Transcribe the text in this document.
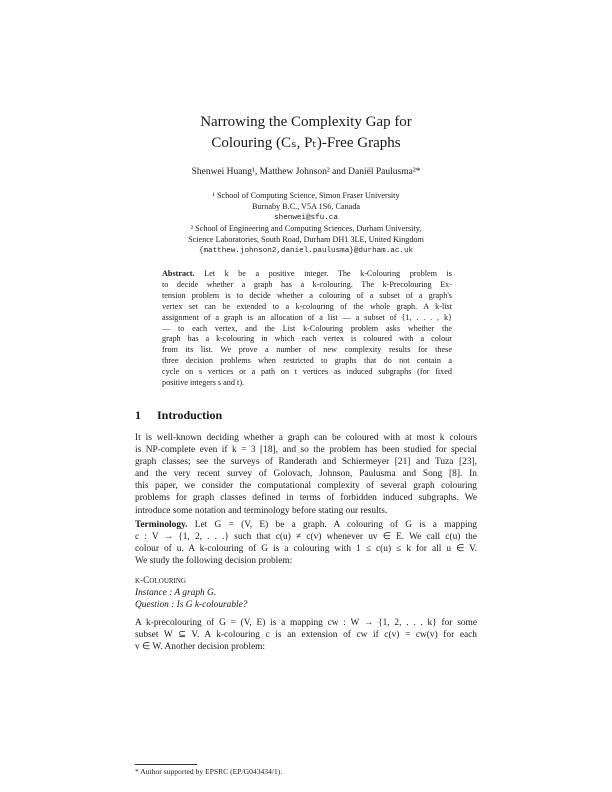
Narrowing the Complexity Gap for
Colouring (Cₛ, Pₜ)-Free Graphs
Shenwei Huang¹, Matthew Johnson² and Daniël Paulusma²*
¹ School of Computing Science, Simon Fraser University
Burnaby B.C., V5A 1S6, Canada
shenwei@sfu.ca
² School of Engineering and Computing Sciences, Durham University,
Science Laboratories, South Road, Durham DH1 3LE, United Kingdom
{matthew.johnson2,daniel.paulusma}@durham.ac.uk
Abstract. Let k be a positive integer. The k-Colouring problem is
to decide whether a graph has a k-colouring. The k-Precolouring Ex-
tension problem is to decide whether a colouring of a subset of a graph's
vertex set can be extended to a k-colouring of the whole graph. A k-list
assignment of a graph is an allocation of a list — a subset of {1, . . . , k}
— to each vertex, and the List k-Colouring problem asks whether the
graph has a k-colouring in which each vertex is coloured with a colour
from its list. We prove a number of new complexity results for these
three decision problems when restricted to graphs that do not contain a
cycle on s vertices or a path on t vertices as induced subgraphs (for fixed
positive integers s and t).
1 Introduction
It is well-known deciding whether a graph can be coloured with at most k colours
is NP-complete even if k = 3 [18], and so the problem has been studied for special
graph classes; see the surveys of Randerath and Schiermeyer [21] and Tuza [23],
and the very recent survey of Golovach, Johnson, Paulusma and Song [8]. In
this paper, we consider the computational complexity of several graph colouring
problems for graph classes defined in terms of forbidden induced subgraphs. We
introduce some notation and terminology before stating our results.
Terminology. Let G = (V, E) be a graph. A colouring of G is a mapping
c : V → {1, 2, . . .} such that c(u) ≠ c(v) whenever uv ∈ E. We call c(u) the
colour of u. A k-colouring of G is a colouring with 1 ≤ c(u) ≤ k for all u ∈ V.
We study the following decision problem:
k-Colouring
Instance : A graph G.
Question : Is G k-colourable?
A k-precolouring of G = (V, E) is a mapping cᴡ : W → {1, 2, . . . k} for some
subset W ⊆ V. A k-colouring c is an extension of cᴡ if c(v) = cᴡ(v) for each
v ∈ W. Another decision problem:
* Author supported by EPSRC (EP/G043434/1).
